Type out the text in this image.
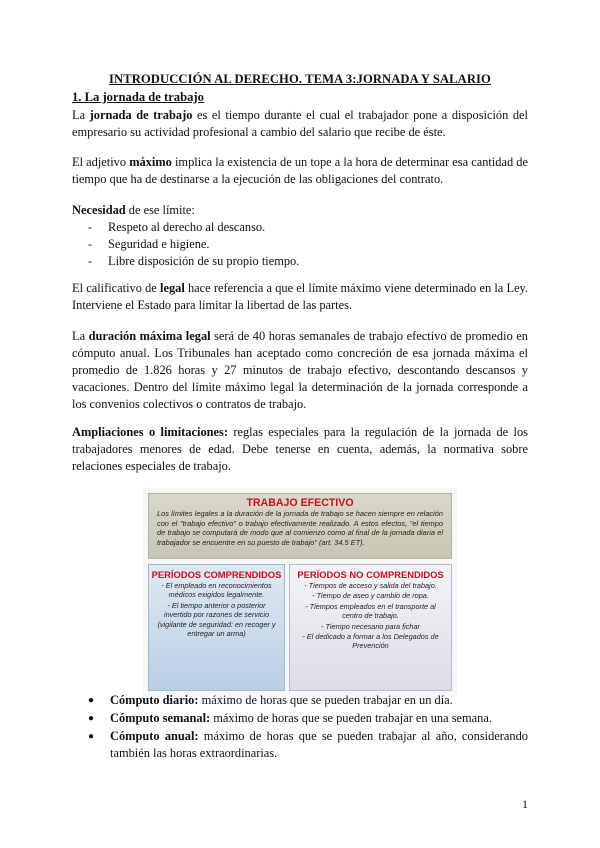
INTRODUCCIÓN AL DERECHO. TEMA 3:JORNADA Y SALARIO
1. La jornada de trabajo
La jornada de trabajo es el tiempo durante el cual el trabajador pone a disposición del empresario su actividad profesional a cambio del salario que recibe de éste.
El adjetivo máximo implica la existencia de un tope a la hora de determinar esa cantidad de tiempo que ha de destinarse a la ejecución de las obligaciones del contrato.
Necesidad de ese límite:
- Respeto al derecho al descanso.
- Seguridad e higiene.
- Libre disposición de su propio tiempo.
El calificativo de legal hace referencia a que el límite máximo viene determinado en la Ley. Interviene el Estado para limitar la libertad de las partes.
La duración máxima legal será de 40 horas semanales de trabajo efectivo de promedio en cómputo anual. Los Tribunales han aceptado como concreción de esa jornada máxima el promedio de 1.826 horas y 27 minutos de trabajo efectivo, descontando descansos y vacaciones. Dentro del límite máximo legal la determinación de la jornada corresponde a los convenios colectivos o contratos de trabajo.
Ampliaciones o limitaciones: reglas especiales para la regulación de la jornada de los trabajadores menores de edad. Debe tenerse en cuenta, además, la normativa sobre relaciones especiales de trabajo.
TRABAJO EFECTIVO
Los límites legales a la duración de la jornada de trabajo se hacen siempre en relación con el "trabajo efectivo" o trabajo efectivamente realizado. A estos efectos, "el tiempo de trabajo se computará de modo que al comienzo como al final de la jornada diaria el trabajador se encuentre en su puesto de trabajo" (art. 34.5 ET).
PERÍODOS COMPRENDIDOS
- El empleado en reconocimientos médicos exigidos legalmente.
- El tiempo anterior o posterior invertido por razones de servicio (vigilante de seguridad: en recoger y entregar un arma)
PERÍODOS NO COMPRENDIDOS
- Tiempos de acceso y salida del trabajo.
- Tiempo de aseo y cambio de ropa.
- Tiempos empleados en el transporte al centro de trabajo.
- Tiempo necesario para fichar
- El dedicado a formar a los Delegados de Prevención
● Cómputo diario: máximo de horas que se pueden trabajar en un día.
● Cómputo semanal: máximo de horas que se pueden trabajar en una semana.
● Cómputo anual: máximo de horas que se pueden trabajar al año, considerando también las horas extraordinarias.
1
